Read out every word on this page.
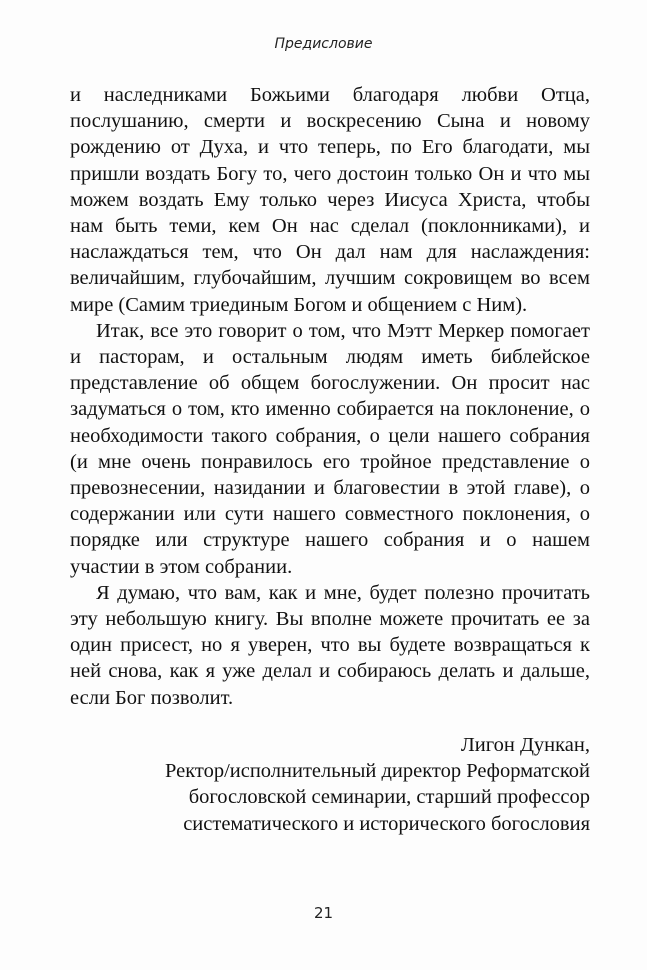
Предисловие

и наследниками Божьими благодаря любви Отца, послушанию, смерти и воскресению Сына и новому рождению от Духа, и что теперь, по Его благодати, мы пришли воздать Богу то, чего достоин только Он и что мы можем воздать Ему только через Иисуса Христа, чтобы нам быть теми, кем Он нас сделал (поклонниками), и наслаждаться тем, что Он дал нам для наслаждения: величайшим, глубочайшим, лучшим сокровищем во всем мире (Самим триединым Богом и общением с Ним).

Итак, все это говорит о том, что Мэтт Меркер помогает и пасторам, и остальным людям иметь библейское представление об общем богослужении. Он просит нас задуматься о том, кто именно собирается на поклонение, о необходимости такого собрания, о цели нашего собрания (и мне очень понравилось его тройное представление о превознесении, назидании и благовестии в этой главе), о содержании или сути нашего совместного поклонения, о порядке или структуре нашего собрания и о нашем участии в этом собрании.

Я думаю, что вам, как и мне, будет полезно прочитать эту небольшую книгу. Вы вполне можете прочитать ее за один присест, но я уверен, что вы будете возвращаться к ней снова, как я уже делал и собираюсь делать и дальше, если Бог позволит.

Лигон Дункан,
Ректор/исполнительный директор Реформатской
богословской семинарии, старший профессор
систематического и исторического богословия
21
